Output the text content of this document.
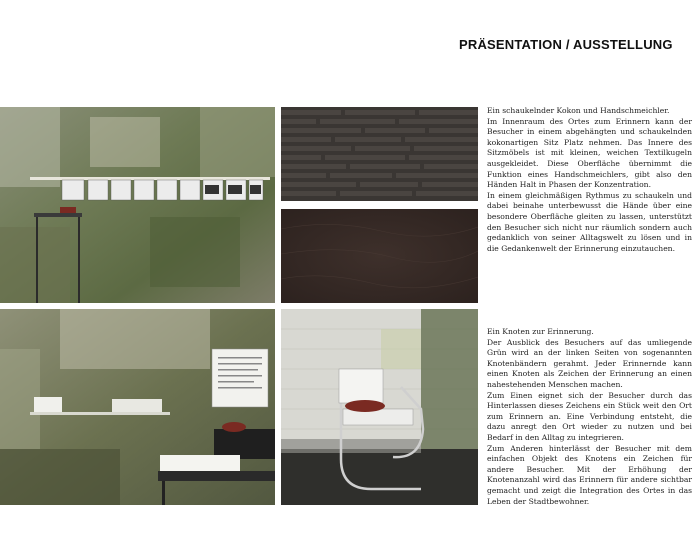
PRÄSENTATION / AUSSTELLUNG

Ein schaukelnder Kokon und Handschmeichler.

Im Innenraum des Ortes zum Erinnern kann der Besucher in einem abgehängten und schaukelnden kokonartigen Sitz Platz nehmen. Das Innere des Sitzmöbels ist mit kleinen, weichen Textilkugeln ausgekleidet. Diese Oberfläche übernimmt die Funktion eines Handschmeichlers, gibt also den Händen Halt in Phasen der Konzentration.

In einem gleichmäßigen Rythmus zu schaukeln und dabei beinahe unterbewusst die Hände über eine besondere Oberfläche gleiten zu lassen, unterstützt den Besucher sich nicht nur räumlich sondern auch gedanklich von seiner Alltagswelt zu lösen und in die Gedankenwelt der Erinnerung einzutauchen.

Ein Knoten zur Erinnerung.

Der Ausblick des Besuchers auf das umliegende Grün wird an der linken Seiten von sogenannten Knotenbändern gerahmt. Jeder Erinnernde kann einen Knoten als Zeichen der Erinnerung an einen nahestehenden Menschen machen.

Zum Einen eignet sich der Besucher durch das Hinterlassen dieses Zeichens ein Stück weit den Ort zum Erinnern an. Eine Verbindung entsteht, die dazu anregt den Ort wieder zu nutzen und bei Bedarf in den Alltag zu integrieren.

Zum Anderen hinterlässt der Besucher mit dem einfachen Objekt des Knotens ein Zeichen für andere Besucher. Mit der Erhöhung der Knotenanzahl wird das Erinnern für andere sichtbar gemacht und zeigt die Integration des Ortes in das Leben der Stadtbewohner.
